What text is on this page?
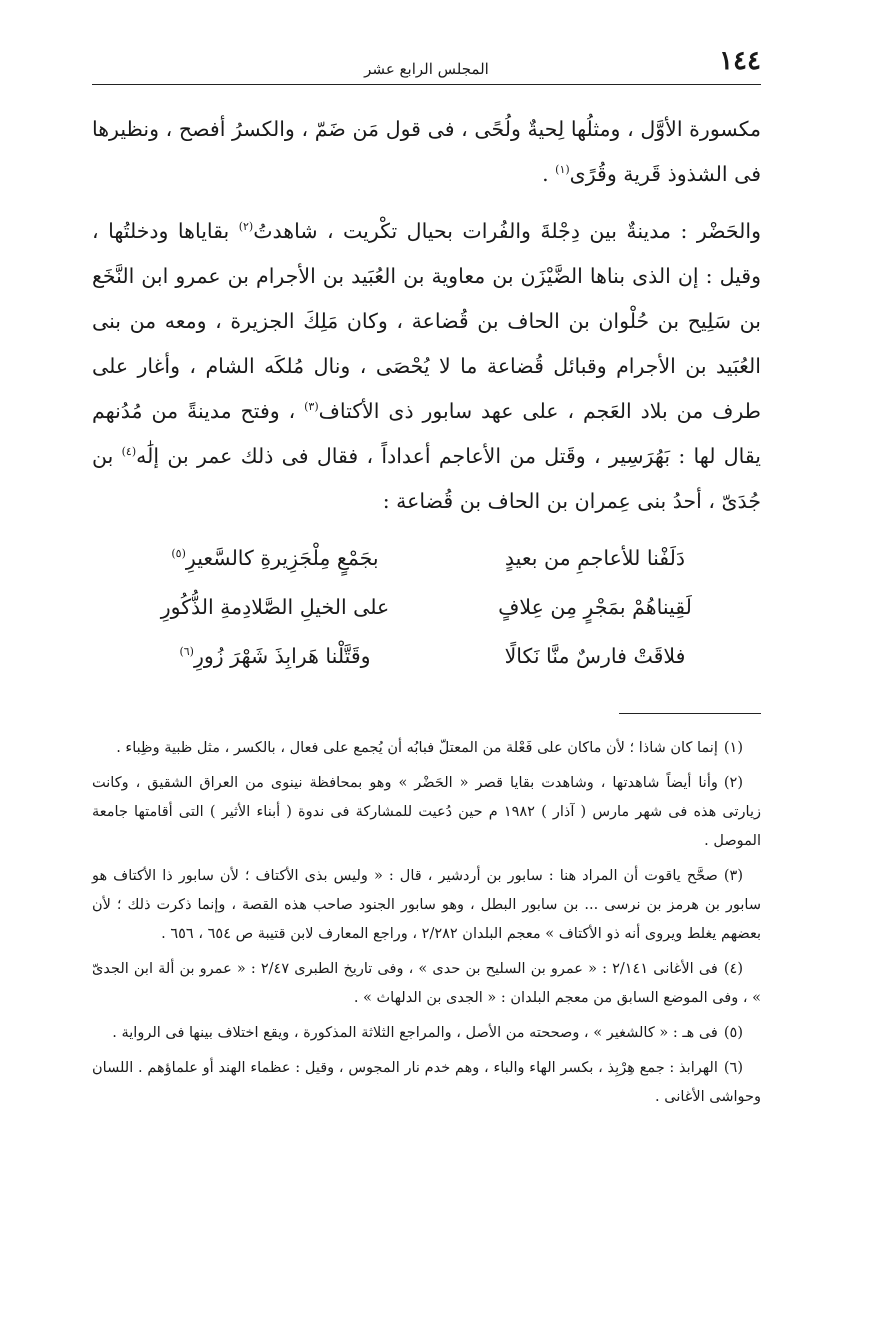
١٤٤
المجلس الرابع عشر

مكسورة الأوَّل ، ومثلُها لِحيةٌ ولُحًى ، فى قول مَن ضَمّ ، والكسرُ أفصح ، ونظيرها فى الشذوذ قَرية وقُرًى$^{(١)}$ .

والحَضْر : مدينةٌ بين دِجْلةَ والفُرات بحيال تكْريت ، شاهدتُ$^{(٢)}$ بقاياها ودخلتُها ، وقيل : إن الذى بناها الضَّيْزَن بن معاوية بن العُبَيد بن الأجرام بن عمرو ابن النَّخَع بن سَلِيح بن حُلْوان بن الحاف بن قُضاعة ، وكان مَلِكَ الجزيرة ، ومعه من بنى العُبَيد بن الأجرام وقبائل قُضاعة ما لا يُحْصَى ، ونال مُلكَه الشام ، وأغار على طرف من بلاد العَجم ، على عهد سابور ذى الأكتاف$^{(٣)}$ ، وفتح مدينةً من مُدُنهم يقال لها : بَهُرَسِير ، وقَتل من الأعاجم أعداداً ، فقال فى ذلك عمر بن إلَٰه$^{(٤)}$ بن جُدَىّ ، أحدُ بنى عِمران بن الحاف بن قُضاعة :

دَلَفْنا للأعاجمِ من بعيدٍ
بجَمْعٍ مِلْجَزِيرةِ كالسَّعيرِ$^{(٥)}$
لَقِيناهُمْ بمَجْرٍ مِن عِلافٍ
على الخيلِ الصَّلادِمةِ الذُّكُورِ
فلاقَتْ فارسٌ منَّا نَكالًا
وقَتَّلْنا هَرابِذَ شَهْرَ زُورِ$^{(٦)}$

(١)إنما كان شاذا ؛ لأن ماكان على فَعْلة من المعتلّ فبابُه أن يُجمع على فعال ، بالكسر ، مثل ظبية وظِباء .

(٢)وأنا أيضاً شاهدتها ، وشاهدت بقايا قصر « الحَضْر » وهو بمحافظة نينوى من العراق الشقيق ، وكانت زيارتى هذه فى شهر مارس ( آذار ) ١٩٨٢ م حين دُعيت للمشاركة فى ندوة ( أبناء الأثير ) التى أقامتها جامعة الموصل .

(٣)صحَّح ياقوت أن المراد هنا : سابور بن أردشير ، قال : « وليس بذى الأكتاف ؛ لأن سابور ذا الأكتاف هو سابور بن هرمز بن نرسى ... بن سابور البطل ، وهو سابور الجنود صاحب هذه القصة ، وإنما ذكرت ذلك ؛ لأن بعضهم يغلط ويروى أنه ذو الأكتاف » معجم البلدان ٢/٢٨٢ ، وراجع المعارف لابن قتيبة ص ٦٥٤ ، ٦٥٦ .

(٤)فى الأغانى ٢/١٤١ : « عمرو بن السليح بن حدى » ، وفى تاريخ الطبرى ٢/٤٧ : « عمرو بن ألة ابن الجدىّ » ، وفى الموضع السابق من معجم البلدان : « الجدى بن الدلهاث » .

(٥)فى هـ : « كالشغير » ، وصححته من الأصل ، والمراجع الثلاثة المذكورة ، ويقع اختلاف بينها فى الرواية .

(٦)الهرابذ : جمع هِرْبِذ ، بكسر الهاء والباء ، وهم خدم نار المجوس ، وقيل : عظماء الهند أو علماؤهم . اللسان وحواشى الأغانى .
